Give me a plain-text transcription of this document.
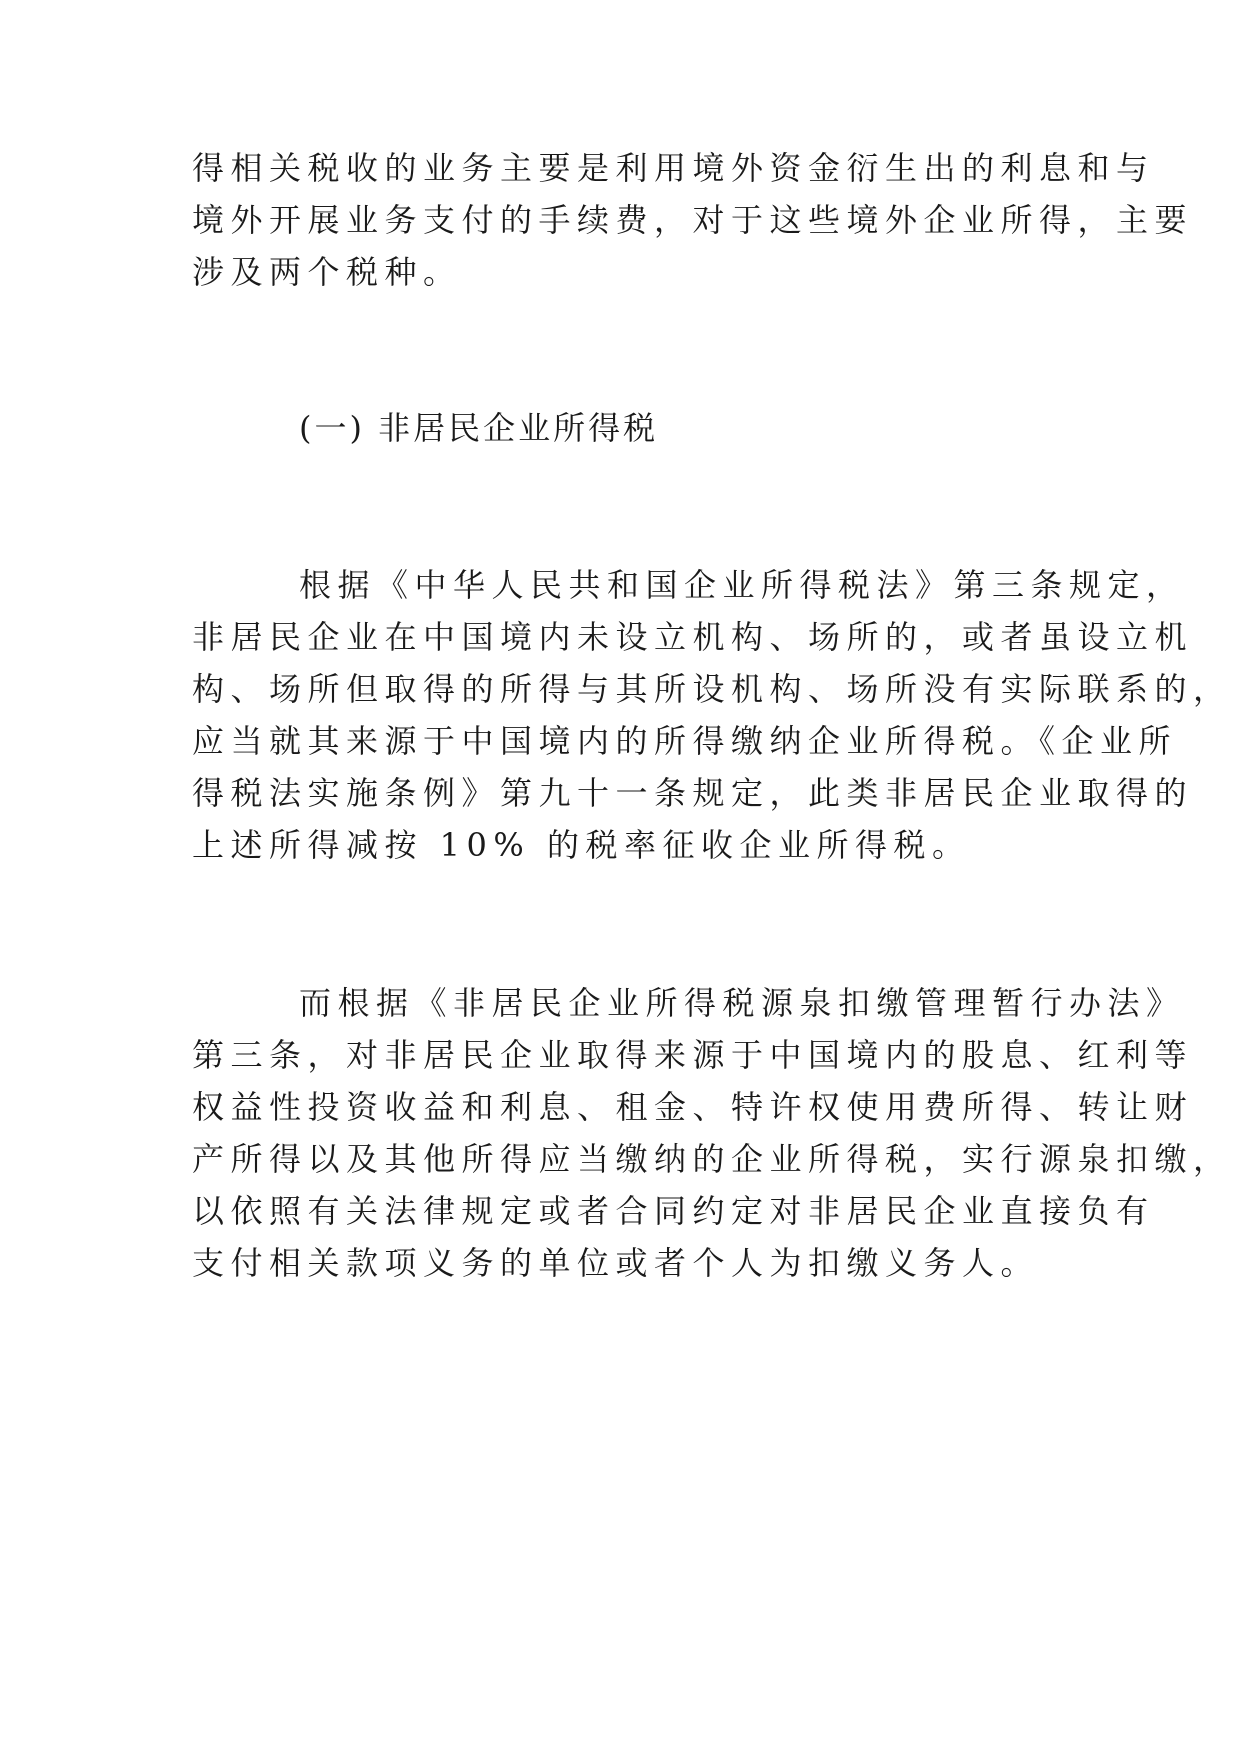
得相关税收的业务主要是利用境外资金衍生出的利息和与
境外开展业务支付的手续费，对于这些境外企业所得，主要
涉及两个税种。
(一) 非居民企业所得税
根据《中华人民共和国企业所得税法》第三条规定，
非居民企业在中国境内未设立机构、场所的，或者虽设立机
构、场所但取得的所得与其所设机构、场所没有实际联系的，
应当就其来源于中国境内的所得缴纳企业所得税。《企业所
得税法实施条例》第九十一条规定，此类非居民企业取得的
上述所得减按 10% 的税率征收企业所得税。
而根据《非居民企业所得税源泉扣缴管理暂行办法》
第三条，对非居民企业取得来源于中国境内的股息、红利等
权益性投资收益和利息、租金、特许权使用费所得、转让财
产所得以及其他所得应当缴纳的企业所得税，实行源泉扣缴，
以依照有关法律规定或者合同约定对非居民企业直接负有
支付相关款项义务的单位或者个人为扣缴义务人。
